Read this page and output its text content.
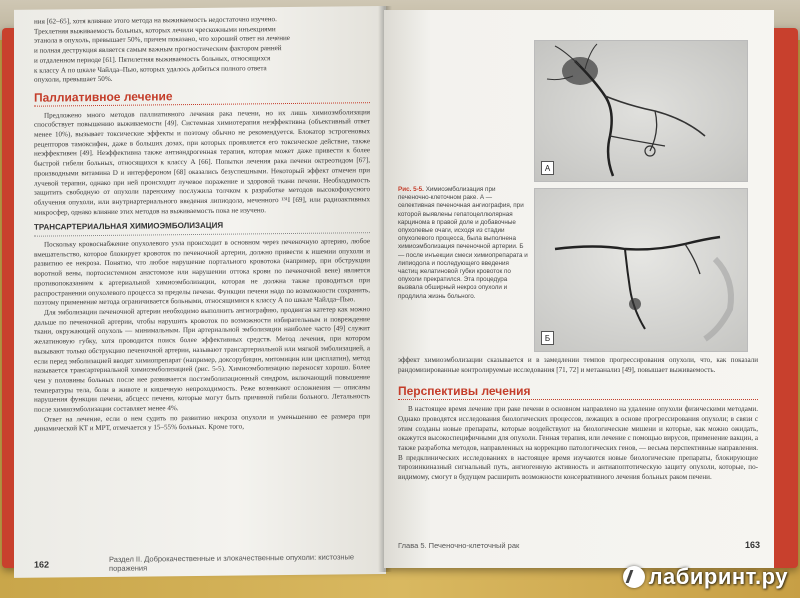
ния [62–65], хотя влияние этого метода на выживаемость недостаточно изучено.
Трехлетняя выживаемость больных, которых лечили чрескожными инъекциями
этанола в опухоль, превышает 50%, причем показано, что хороший ответ на лечение
и полная деструкция является самым важным прогностическим фактором ранней
и отдаленном периоде [61]. Пятилетняя выживаемость больных, относящихся
к классу А по шкале Чайлда–Пью, которых удалось добиться полного ответа
опухоли, превышает 50%.
Паллиативное лечение

Предложено много методов паллиативного лечения рака печени, но их лишь химиоэмболизация способствует повышению выживаемости [49]. Системная химиотерапия неэффективна (объективный ответ менее 10%), вызывает токсические эффекты и поэтому обычно не рекомендуется. Блокатор эстрогеновых рецепторов тамоксифен, даже в больших дозах, при которых проявляется его токсическое действие, также неэффективен [49]. Неэффективна также антиандрогенная терапия, которая может даже привести к более быстрой гибели больных, относящихся к классу А [66]. Попытки лечения рака печени октреотидом [67], производными витамина D и интерфероном [68] оказались безуспешными. Некоторый эффект отмечен при лучевой терапии, однако при ней происходит лучевое поражение и здоровой ткани печени. Необходимость защитить свободную от опухоли паренхиму послужила толчком к разработке методов высокофокусного облучения опухоли, или внутриартериального введения липиодола, меченного ¹³¹I [69], или радиоактивных микросфер, однако влияние этих методов на выживаемость пока не изучено.

ТРАНСАРТЕРИАЛЬНАЯ ХИМИОЭМБОЛИЗАЦИЯ

Поскольку кровоснабжение опухолевого узла происходит в основном через печеночную артерию, любое вмешательство, которое блокирует кровоток по печеночной артерии, должно привести к ишемии опухоли и развитию ее некроза. Понятно, что любое нарушение портального кровотока (например, при обструкции воротной вены, портосистемном анастомозе или нарушении оттока крови по печеночной вене) является противопоказанием к артериальной химиоэмболизации, которая не должна также проводиться при распространении опухолевого процесса за пределы печени. Функции печени надо по возможности сохранить, поэтому применение метода ограничивается больными, относящимися к классу А по шкале Чайлда–Пью.

Для эмболизации печеночной артерии необходимо выполнить ангиографию, продвигая катетер как можно дальше по печеночной артерии, чтобы нарушить кровоток по возможности избирательным и повреждение ткани, окружающей опухоль — минимальным. При артериальной эмболизации наиболее часто [49] служит желатиновую губку, хотя проводится поиск более эффективных средств. Метод лечения, при котором вызывают только обструкцию печеночной артерии, называют трансартериальной или мягкой эмболизацией, а если перед эмболизацией вводят химиопрепарат (например, доксорубицин, митомицин или цисплатин), метод называется трансартериальной химиоэмболизацией (рис. 5-5). Химиоэмболизацию переносят хорошо. Более чем у половины больных после нее развивается постэмболизационный синдром, включающий повышение температуры тела, боли в животе и кишечную непроходимость. Реже возникают осложнения — описаны нарушения функции печени, абсцесс печени, которые могут быть причиной гибели больного. Летальность после химиоэмболизации составляет менее 4%.

Ответ на лечение, если о нем судить по развитию некроза опухоли и уменьшению ее размера при динамической КТ и МРТ, отмечается у 15–55% больных. Кроме того,

162
Раздел II. Доброкачественные и злокачественные опухоли: кистозные поражения
А
Рис. 5-5. Химиоэмболизация при печеночно-клеточном раке. А — селективная печеночная ангиография, при которой выявлены гепатоцеллюлярная карцинома в правой доле и добавочные опухолевые очаги, исходя из стадии опухолевого процесса, была выполнена химиоэмболизация печеночной артерии. Б — после инъекции смеси химиопрепарата и липиодола и последующего введения частиц желатиновой губки кровоток по опухоли прекратился. Эта процедура вызвала обширный некроз опухоли и продлила жизнь больного.
Б

эффект химиоэмболизации сказывается и в замедлении темпов прогрессирования опухоли, что, как показали рандомизированные контролируемые исследования [71, 72] и метаанализ [49], повышает выживаемость.

Перспективы лечения

В настоящее время лечение при раке печени в основном направлено на удаление опухоли физическими методами. Однако проводятся исследования биологических процессов, лежащих в основе прогрессирования опухоли; в связи с этим созданы новые препараты, которые воздействуют на биологические мишени и которые, как можно ожидать, окажутся высокоспецифичными для опухоли. Генная терапия, или лечение с помощью вирусов, применение вакцин, а также разработка методов, направленных на коррекцию патологических генов, — весьма перспективные направления. В предклинических исследованиях в настоящее время изучаются новые биологические препараты, блокирующие тирозинкиназный сигнальный путь, ангиогенную активность и антиапоптотическую защиту опухоли, которые, по-видимому, смогут в будущем расширить возможности консервативного лечения больных раком печени.

Глава 5. Печеночно-клеточный рак	163
лабиринт.ру
